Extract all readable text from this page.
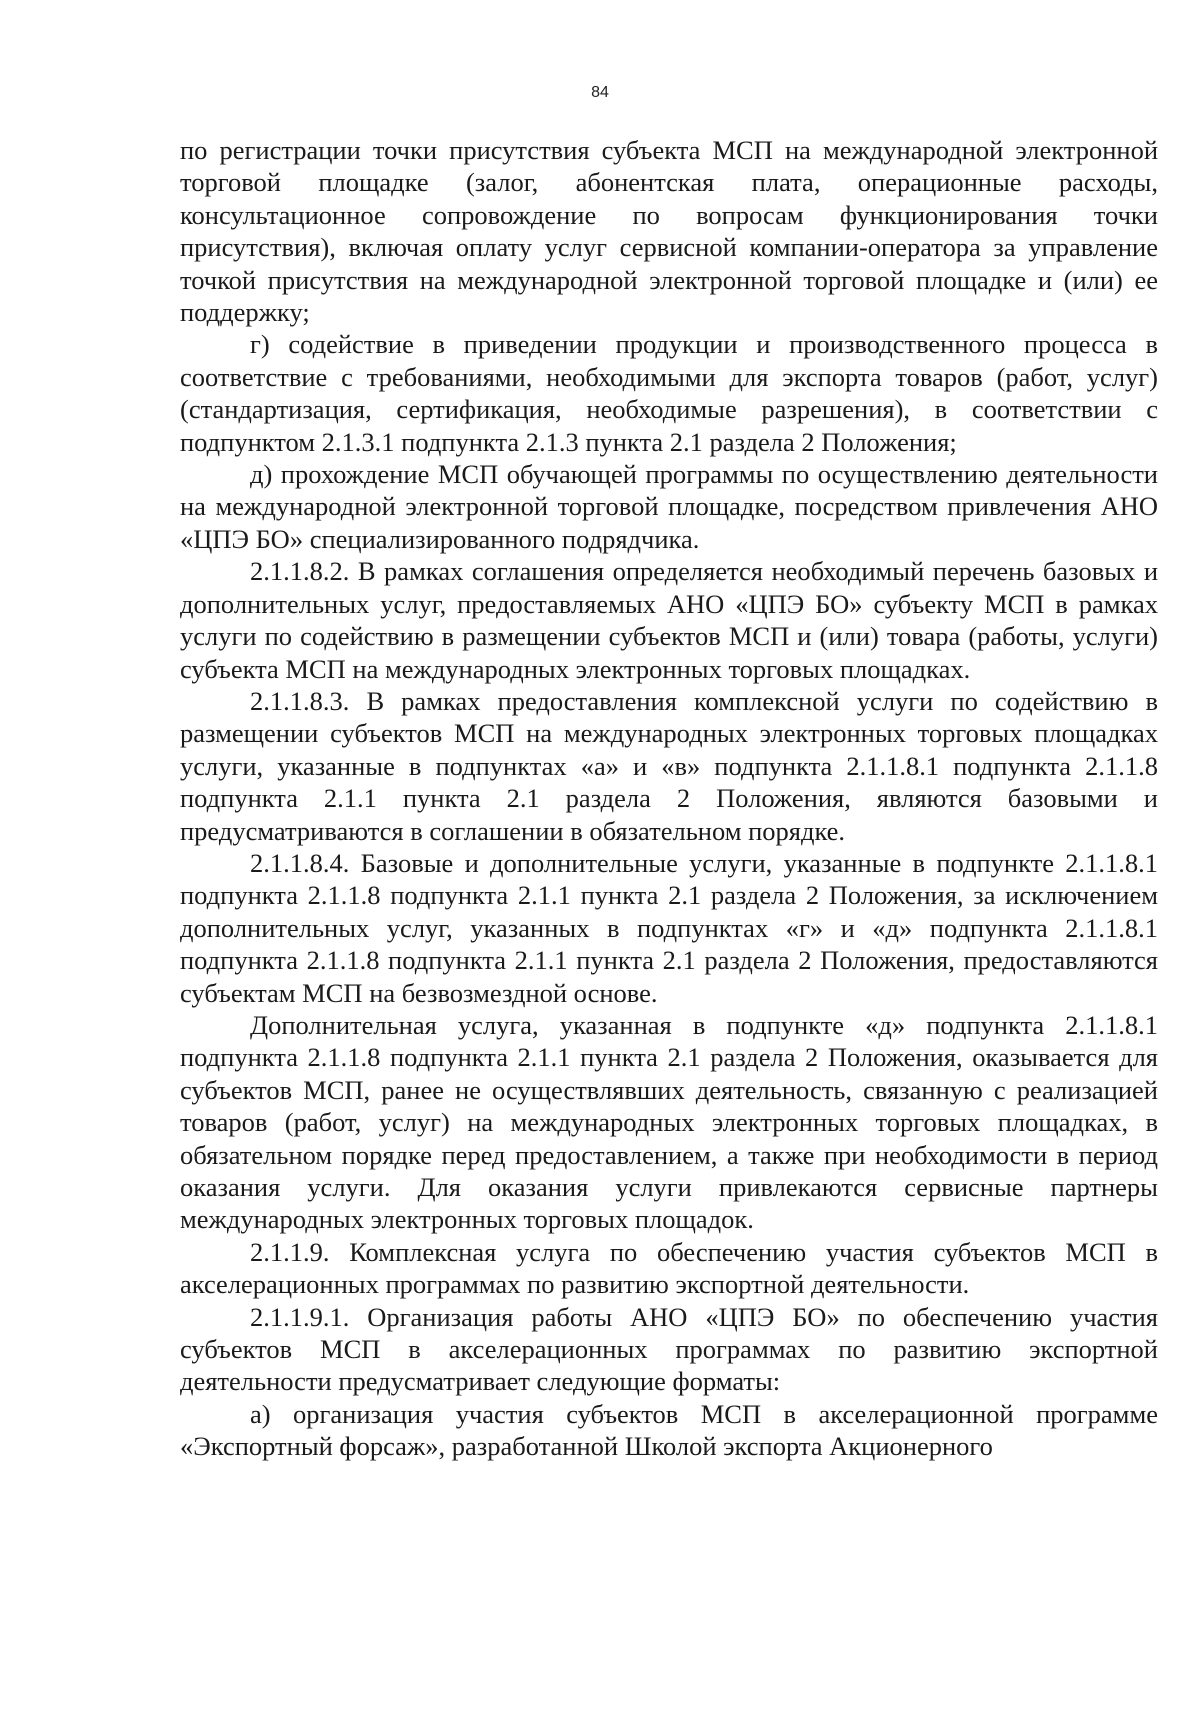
84

по регистрации точки присутствия субъекта МСП на международной электронной торговой площадке (залог, абонентская плата, операционные расходы, консультационное сопровождение по вопросам функционирования точки присутствия), включая оплату услуг сервисной компании-оператора за управление точкой присутствия на международной электронной торговой площадке и (или) ее поддержку;

г) содействие в приведении продукции и производственного процесса в соответствие с требованиями, необходимыми для экспорта товаров (работ, услуг) (стандартизация, сертификация, необходимые разрешения), в соответствии с подпунктом 2.1.3.1 подпункта 2.1.3 пункта 2.1 раздела 2 Положения;

д) прохождение МСП обучающей программы по осуществлению деятельности на международной электронной торговой площадке, посредством привлечения АНО «ЦПЭ БО» специализированного подрядчика.

2.1.1.8.2. В рамках соглашения определяется необходимый перечень базовых и дополнительных услуг, предоставляемых АНО «ЦПЭ БО» субъекту МСП в рамках услуги по содействию в размещении субъектов МСП и (или) товара (работы, услуги) субъекта МСП на международных электронных торговых площадках.

2.1.1.8.3. В рамках предоставления комплексной услуги по содействию в размещении субъектов МСП на международных электронных торговых площадках услуги, указанные в подпунктах «а» и «в» подпункта 2.1.1.8.1 подпункта 2.1.1.8 подпункта 2.1.1 пункта 2.1 раздела 2 Положения, являются базовыми и предусматриваются в соглашении в обязательном порядке.

2.1.1.8.4. Базовые и дополнительные услуги, указанные в подпункте 2.1.1.8.1 подпункта 2.1.1.8 подпункта 2.1.1 пункта 2.1 раздела 2 Положения, за исключением дополнительных услуг, указанных в подпунктах «г» и «д» подпункта 2.1.1.8.1 подпункта 2.1.1.8 подпункта 2.1.1 пункта 2.1 раздела 2 Положения, предоставляются субъектам МСП на безвозмездной основе.

Дополнительная услуга, указанная в подпункте «д» подпункта 2.1.1.8.1 подпункта 2.1.1.8 подпункта 2.1.1 пункта 2.1 раздела 2 Положения, оказывается для субъектов МСП, ранее не осуществлявших деятельность, связанную с реализацией товаров (работ, услуг) на международных электронных торговых площадках, в обязательном порядке перед предоставлением, а также при необходимости в период оказания услуги. Для оказания услуги привлекаются сервисные партнеры международных электронных торговых площадок.

2.1.1.9. Комплексная услуга по обеспечению участия субъектов МСП в акселерационных программах по развитию экспортной деятельности.

2.1.1.9.1. Организация работы АНО «ЦПЭ БО» по обеспечению участия субъектов МСП в акселерационных программах по развитию экспортной деятельности предусматривает следующие форматы:

а) организация участия субъектов МСП в акселерационной программе «Экспортный форсаж», разработанной Школой экспорта Акционерного
